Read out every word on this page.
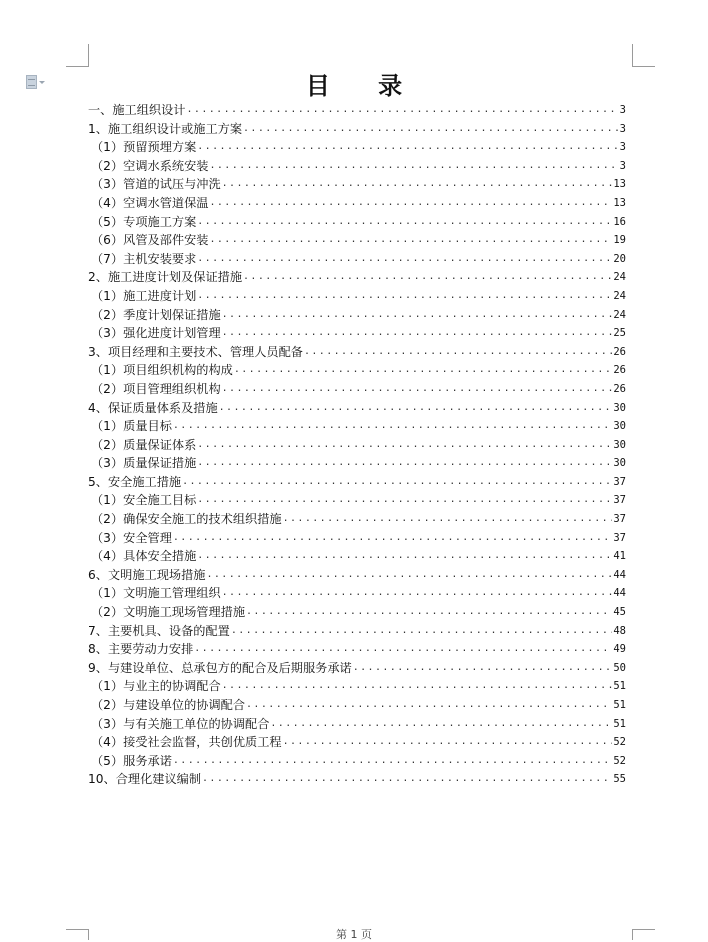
目 录
一、施工组织设计 .....	3
1、施工组织设计或施工方案 .....	3
（1）预留预埋方案 .....	3
（2）空调水系统安装 .....	3
（3）管道的试压与冲洗 .....	13
（4）空调水管道保温 .....	13
（5）专项施工方案 .....	16
（6）风管及部件安装 .....	19
（7）主机安装要求 .....	20
2、施工进度计划及保证措施 .....	24
（1）施工进度计划 .....	24
（2）季度计划保证措施 .....	24
（3）强化进度计划管理 .....	25
3、项目经理和主要技术、管理人员配备 .....	26
（1）项目组织机构的构成 .....	26
（2）项目管理组织机构 .....	26
4、保证质量体系及措施 .....	30
（1）质量目标 .....	30
（2）质量保证体系 .....	30
（3）质量保证措施 .....	30
5、安全施工措施 .....	37
（1）安全施工目标 .....	37
（2）确保安全施工的技术组织措施 .....	37
（3）安全管理 .....	37
（4）具体安全措施 .....	41
6、文明施工现场措施 .....	44
（1）文明施工管理组织 .....	44
（2）文明施工现场管理措施 .....	45
7、主要机具、设备的配置 .....	48
8、主要劳动力安排 .....	49
9、与建设单位、总承包方的配合及后期服务承诺 .....	50
（1）与业主的协调配合 .....	51
（2）与建设单位的协调配合 .....	51
（3）与有关施工单位的协调配合 .....	51
（4）接受社会监督，共创优质工程 .....	52
（5）服务承诺 .....	52
10、合理化建议编制 .....	55
第 1 页
